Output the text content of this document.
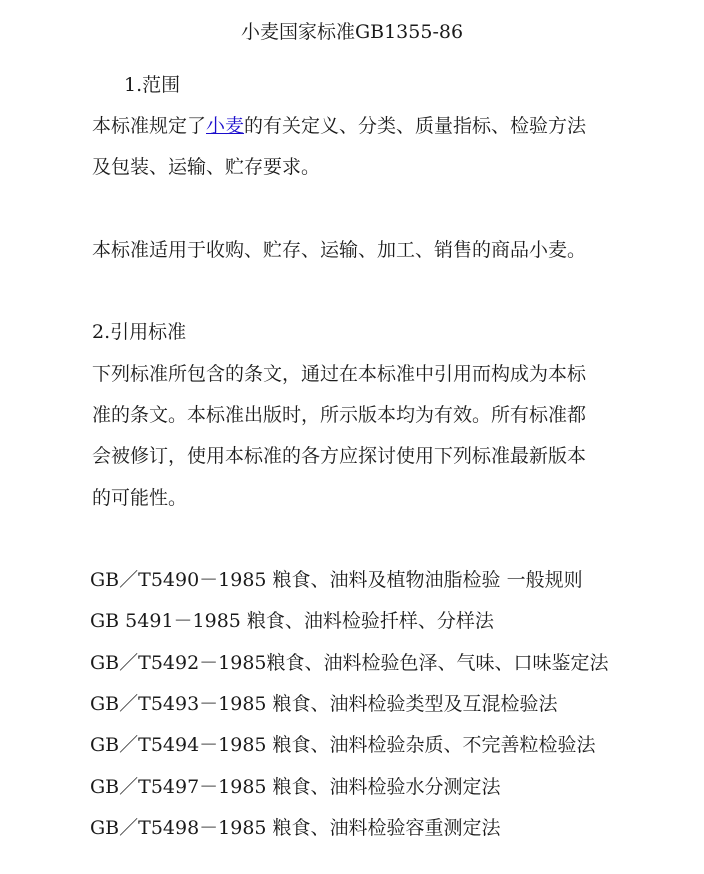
小麦国家标准GB1355-86
1.范围
本标准规定了小麦的有关定义、分类、质量指标、检验方法
及包装、运输、贮存要求。
本标准适用于收购、贮存、运输、加工、销售的商品小麦。
2.引用标准
下列标准所包含的条文，通过在本标准中引用而构成为本标
准的条文。本标准出版时，所示版本均为有效。所有标准都
会被修订，使用本标准的各方应探讨使用下列标准最新版本
的可能性。
GB／T5490－1985 粮食、油料及植物油脂检验 一般规则
GB 5491－1985 粮食、油料检验扦样、分样法
GB／T5492－1985粮食、油料检验色泽、气味、口味鉴定法
GB／T5493－1985 粮食、油料检验类型及互混检验法
GB／T5494－1985 粮食、油料检验杂质、不完善粒检验法
GB／T5497－1985 粮食、油料检验水分测定法
GB／T5498－1985 粮食、油料检验容重测定法
